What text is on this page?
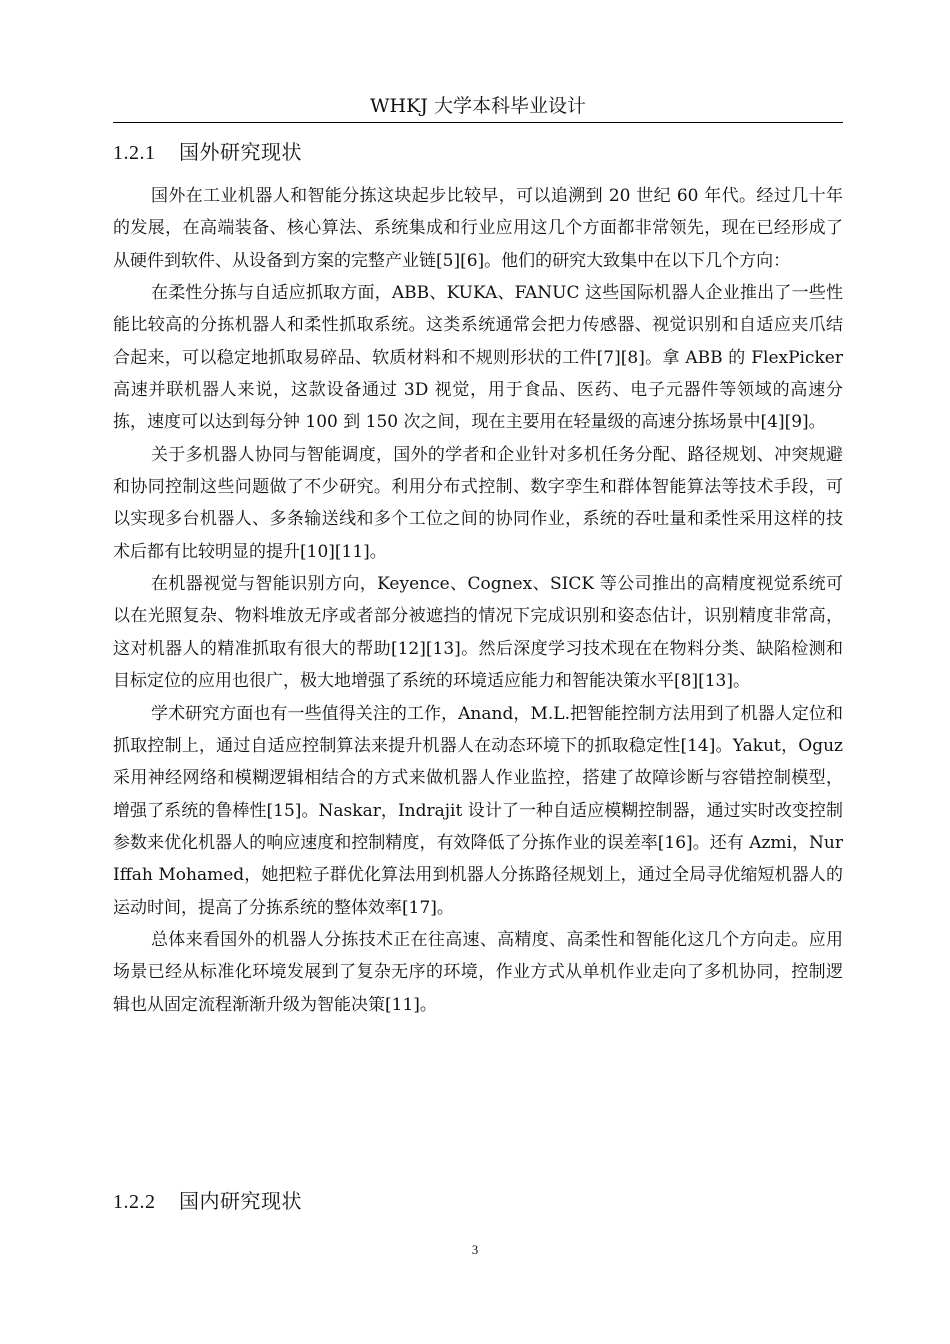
WHKJ 大学本科毕业设计
1.2.1 国外研究现状

国外在工业机器人和智能分拣这块起步比较早，可以追溯到 20 世纪 60 年代。经过几十年的发展，在高端装备、核心算法、系统集成和行业应用这几个方面都非常领先，现在已经形成了从硬件到软件、从设备到方案的完整产业链[5][6]。他们的研究大致集中在以下几个方向：

在柔性分拣与自适应抓取方面，ABB、KUKA、FANUC 这些国际机器人企业推出了一些性能比较高的分拣机器人和柔性抓取系统。这类系统通常会把力传感器、视觉识别和自适应夹爪结合起来，可以稳定地抓取易碎品、软质材料和不规则形状的工件[7][8]。拿 ABB 的 FlexPicker 高速并联机器人来说，这款设备通过 3D 视觉，用于食品、医药、电子元器件等领域的高速分拣，速度可以达到每分钟 100 到 150 次之间，现在主要用在轻量级的高速分拣场景中[4][9]。

关于多机器人协同与智能调度，国外的学者和企业针对多机任务分配、路径规划、冲突规避和协同控制这些问题做了不少研究。利用分布式控制、数字孪生和群体智能算法等技术手段，可以实现多台机器人、多条输送线和多个工位之间的协同作业，系统的吞吐量和柔性采用这样的技术后都有比较明显的提升[10][11]。

在机器视觉与智能识别方向，Keyence、Cognex、SICK 等公司推出的高精度视觉系统可以在光照复杂、物料堆放无序或者部分被遮挡的情况下完成识别和姿态估计，识别精度非常高，这对机器人的精准抓取有很大的帮助[12][13]。然后深度学习技术现在在物料分类、缺陷检测和目标定位的应用也很广，极大地增强了系统的环境适应能力和智能决策水平[8][13]。

学术研究方面也有一些值得关注的工作，Anand，M.L.把智能控制方法用到了机器人定位和抓取控制上，通过自适应控制算法来提升机器人在动态环境下的抓取稳定性[14]。Yakut，Oguz 采用神经网络和模糊逻辑相结合的方式来做机器人作业监控，搭建了故障诊断与容错控制模型，增强了系统的鲁棒性[15]。Naskar，Indrajit 设计了一种自适应模糊控制器，通过实时改变控制参数来优化机器人的响应速度和控制精度，有效降低了分拣作业的误差率[16]。还有 Azmi，Nur Iffah Mohamed，她把粒子群优化算法用到机器人分拣路径规划上，通过全局寻优缩短机器人的运动时间，提高了分拣系统的整体效率[17]。

总体来看国外的机器人分拣技术正在往高速、高精度、高柔性和智能化这几个方向走。应用场景已经从标准化环境发展到了复杂无序的环境，作业方式从单机作业走向了多机协同，控制逻辑也从固定流程渐渐升级为智能决策[11]。

1.2.2 国内研究现状
3
